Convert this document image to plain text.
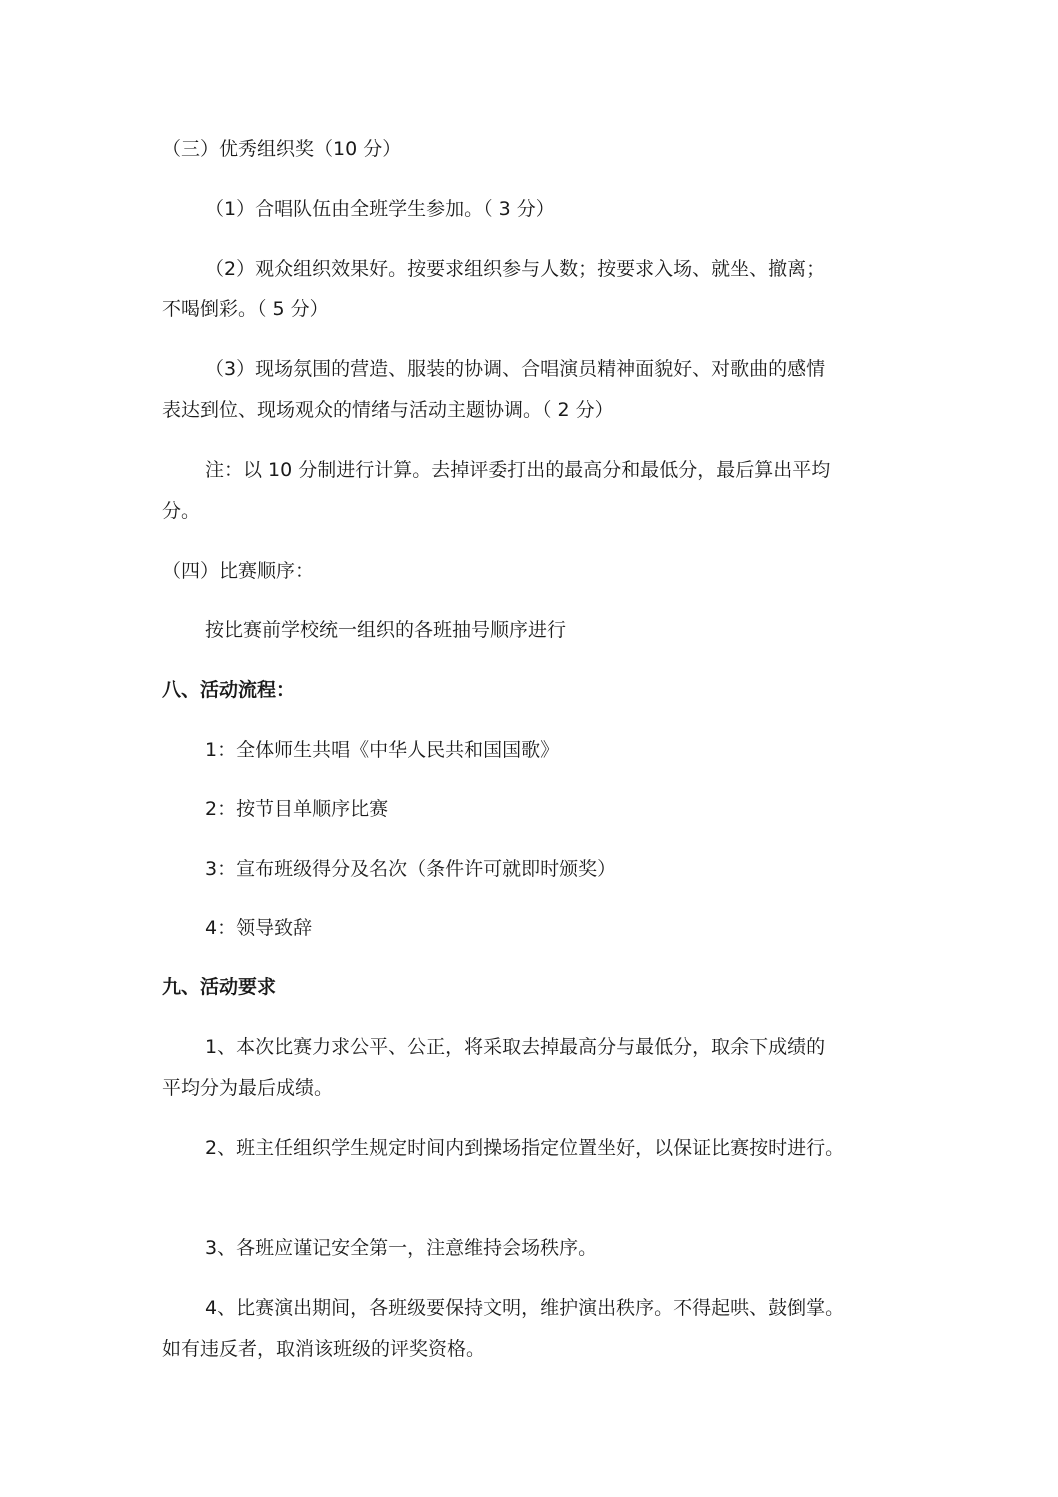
（三）优秀组织奖（10 分）
（1）合唱队伍由全班学生参加。（ 3 分）
（2）观众组织效果好。按要求组织参与人数；按要求入场、就坐、撤离；
不喝倒彩。（ 5 分）
（3）现场氛围的营造、服装的协调、合唱演员精神面貌好、对歌曲的感情
表达到位、现场观众的情绪与活动主题协调。（ 2 分）
注：以 10 分制进行计算。去掉评委打出的最高分和最低分，最后算出平均
分。
（四）比赛顺序：
按比赛前学校统一组织的各班抽号顺序进行
八、活动流程：
1：全体师生共唱《中华人民共和国国歌》
2：按节目单顺序比赛
3：宣布班级得分及名次（条件许可就即时颁奖）
4：领导致辞
九、活动要求
1、本次比赛力求公平、公正，将采取去掉最高分与最低分，取余下成绩的
平均分为最后成绩。
2、班主任组织学生规定时间内到操场指定位置坐好，以保证比赛按时进行。
3、各班应谨记安全第一，注意维持会场秩序。
4、比赛演出期间，各班级要保持文明，维护演出秩序。不得起哄、鼓倒掌。
如有违反者，取消该班级的评奖资格。
